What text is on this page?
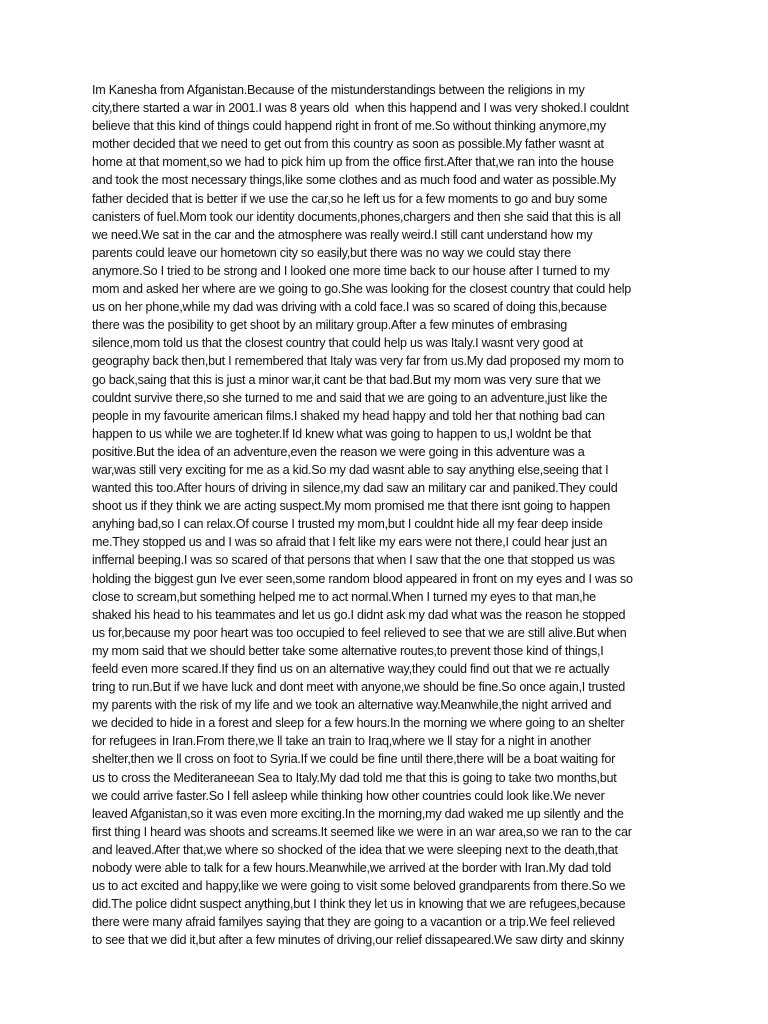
Im Kanesha from Afganistan.Because of the mistunderstandings between the religions in my
city,there started a war in 2001.I was 8 years old  when this happend and I was very shoked.I couldnt
believe that this kind of things could happend right in front of me.So without thinking anymore,my
mother decided that we need to get out from this country as soon as possible.My father wasnt at
home at that moment,so we had to pick him up from the office first.After that,we ran into the house
and took the most necessary things,like some clothes and as much food and water as possible.My
father decided that is better if we use the car,so he left us for a few moments to go and buy some
canisters of fuel.Mom took our identity documents,phones,chargers and then she said that this is all
we need.We sat in the car and the atmosphere was really weird.I still cant understand how my
parents could leave our hometown city so easily,but there was no way we could stay there
anymore.So I tried to be strong and I looked one more time back to our house after I turned to my
mom and asked her where are we going to go.She was looking for the closest country that could help
us on her phone,while my dad was driving with a cold face.I was so scared of doing this,because
there was the posibility to get shoot by an military group.After a few minutes of embrasing
silence,mom told us that the closest country that could help us was Italy.I wasnt very good at
geography back then,but I remembered that Italy was very far from us.My dad proposed my mom to
go back,saing that this is just a minor war,it cant be that bad.But my mom was very sure that we
couldnt survive there,so she turned to me and said that we are going to an adventure,just like the
people in my favourite american films.I shaked my head happy and told her that nothing bad can
happen to us while we are togheter.If Id knew what was going to happen to us,I woldnt be that
positive.But the idea of an adventure,even the reason we were going in this adventure was a
war,was still very exciting for me as a kid.So my dad wasnt able to say anything else,seeing that I
wanted this too.After hours of driving in silence,my dad saw an military car and paniked.They could
shoot us if they think we are acting suspect.My mom promised me that there isnt going to happen
anyhing bad,so I can relax.Of course I trusted my mom,but I couldnt hide all my fear deep inside
me.They stopped us and I was so afraid that I felt like my ears were not there,I could hear just an
inffernal beeping.I was so scared of that persons that when I saw that the one that stopped us was
holding the biggest gun Ive ever seen,some random blood appeared in front on my eyes and I was so
close to scream,but something helped me to act normal.When I turned my eyes to that man,he
shaked his head to his teammates and let us go.I didnt ask my dad what was the reason he stopped
us for,because my poor heart was too occupied to feel relieved to see that we are still alive.But when
my mom said that we should better take some alternative routes,to prevent those kind of things,I
feeld even more scared.If they find us on an alternative way,they could find out that we re actually
tring to run.But if we have luck and dont meet with anyone,we should be fine.So once again,I trusted
my parents with the risk of my life and we took an alternative way.Meanwhile,the night arrived and
we decided to hide in a forest and sleep for a few hours.In the morning we where going to an shelter
for refugees in Iran.From there,we ll take an train to Iraq,where we ll stay for a night in another
shelter,then we ll cross on foot to Syria.If we could be fine until there,there will be a boat waiting for
us to cross the Mediteraneean Sea to Italy.My dad told me that this is going to take two months,but
we could arrive faster.So I fell asleep while thinking how other countries could look like.We never
leaved Afganistan,so it was even more exciting.In the morning,my dad waked me up silently and the
first thing I heard was shoots and screams.It seemed like we were in an war area,so we ran to the car
and leaved.After that,we where so shocked of the idea that we were sleeping next to the death,that
nobody were able to talk for a few hours.Meanwhile,we arrived at the border with Iran.My dad told
us to act excited and happy,like we were going to visit some beloved grandparents from there.So we
did.The police didnt suspect anything,but I think they let us in knowing that we are refugees,because
there were many afraid familyes saying that they are going to a vacantion or a trip.We feel relieved
to see that we did it,but after a few minutes of driving,our relief dissapeared.We saw dirty and skinny
